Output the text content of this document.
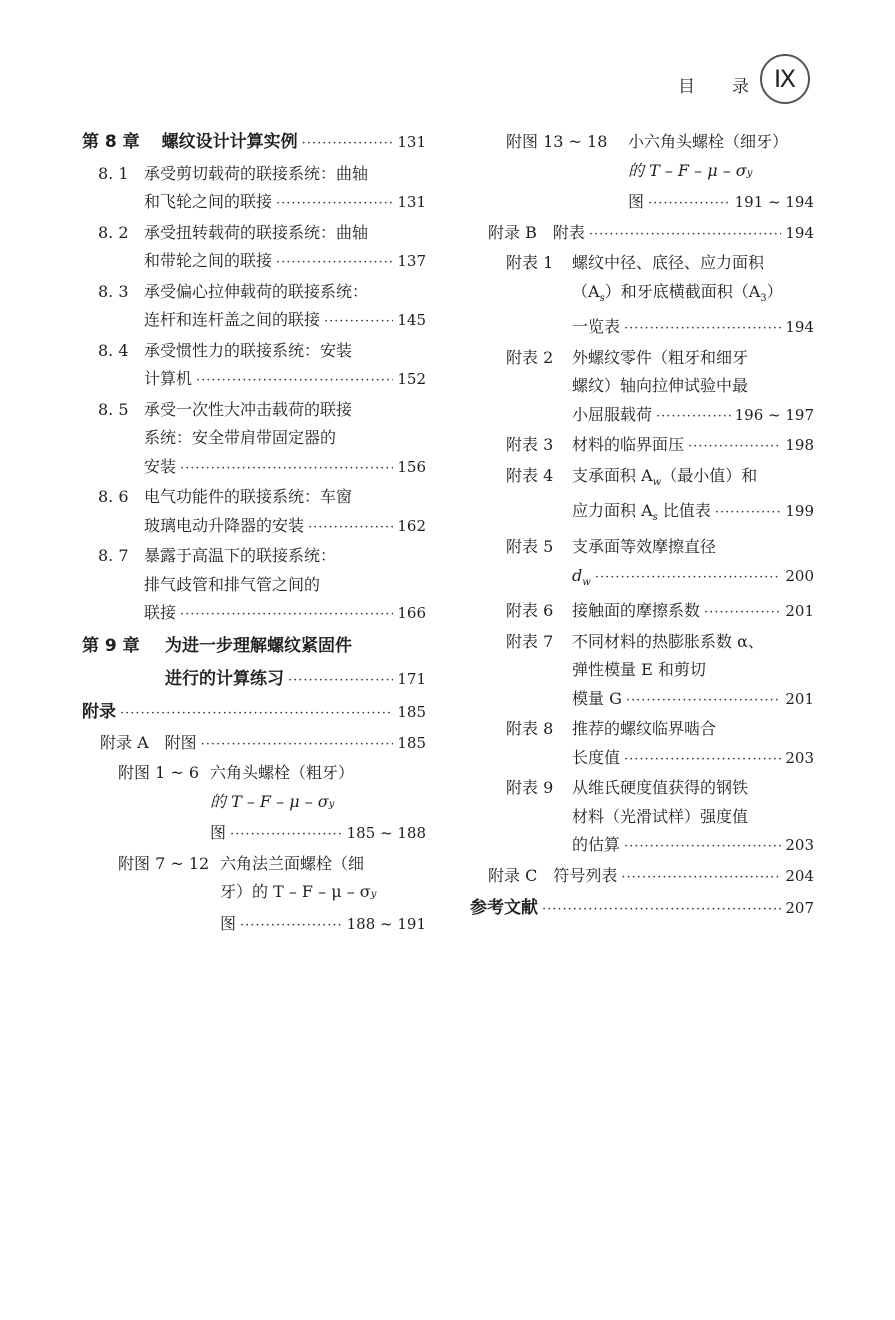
目 录 Ⅸ
第 8 章 螺纹设计计算实例 ·····	131
8. 1 承受剪切载荷的联接系统：曲轴
和飞轮之间的联接 ·····	131
8. 2 承受扭转载荷的联接系统：曲轴
和带轮之间的联接 ·····	137
8. 3 承受偏心拉伸载荷的联接系统：
连杆和连杆盖之间的联接 ·····	145
8. 4 承受惯性力的联接系统：安装
计算机 ·····	152
8. 5 承受一次性大冲击载荷的联接
系统：安全带肩带固定器的
安装 ·····	156
8. 6 电气功能件的联接系统：车窗
玻璃电动升降器的安装 ·····	162
8. 7 暴露于高温下的联接系统：
排气歧管和排气管之间的
联接 ·····	166
第 9 章 为进一步理解螺纹紧固件
进行的计算练习 ·····	171
附录 ·····	185
附录 A　附图 ·····	185
附图 1 ~ 6 六角头螺栓（粗牙）
的 T – F – μ – σ y
图 ·····	185 ~ 188
附图 7 ~ 12 六角法兰面螺栓（细
牙）的 T – F – μ – σ y
图 ·····	188 ~ 191
附图 13 ~ 18 小六角头螺栓（细牙）
的 T – F – μ – σ y
图 ·····	191 ~ 194
附录 B　附表 ·····	194
附表 1 螺纹中径、底径、应力面积
$(A_s)$和牙底横截面积$(A_3)$
一览表 ·····	194
附表 2 外螺纹零件（粗牙和细牙
螺纹）轴向拉伸试验中最
小屈服载荷 ·····	196 ~ 197
附表 3 材料的临界面压 ·····	198
附表 4 支承面积 $A_w$（最小值）和
应力面积 $A_s$ 比值表 ·····	199
附表 5 支承面等效摩擦直径
$d_w$ ·····	200
附表 6 接触面的摩擦系数 ·····	201
附表 7 不同材料的热膨胀系数 α、
弹性模量 E 和剪切
模量 G ·····	201
附表 8 推荐的螺纹临界啮合
长度值 ·····	203
附表 9 从维氏硬度值获得的钢铁
材料（光滑试样）强度值
的估算 ·····	203
附录 C　符号列表 ·····	204
参考文献 ·····	207
